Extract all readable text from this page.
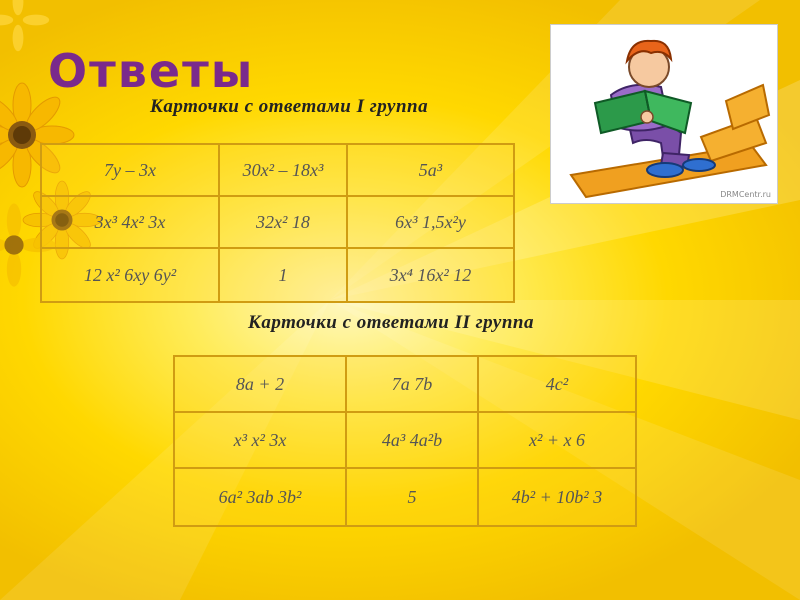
Ответы

Карточки с ответами I группа

7y – 3x	30x² – 18x³	5a³
3x³ 4x² 3x	32x² 18	6x³ 1,5x²y
12 x² 6xy 6y²	1	3x⁴ 16x² 12

Карточки с ответами II группа

8a + 2	7a 7b	4c²
x³ x² 3x	4a³ 4a²b	x² + x 6
6a² 3ab 3b²	5	4b² + 10b² 3
DRMCentr.ru
